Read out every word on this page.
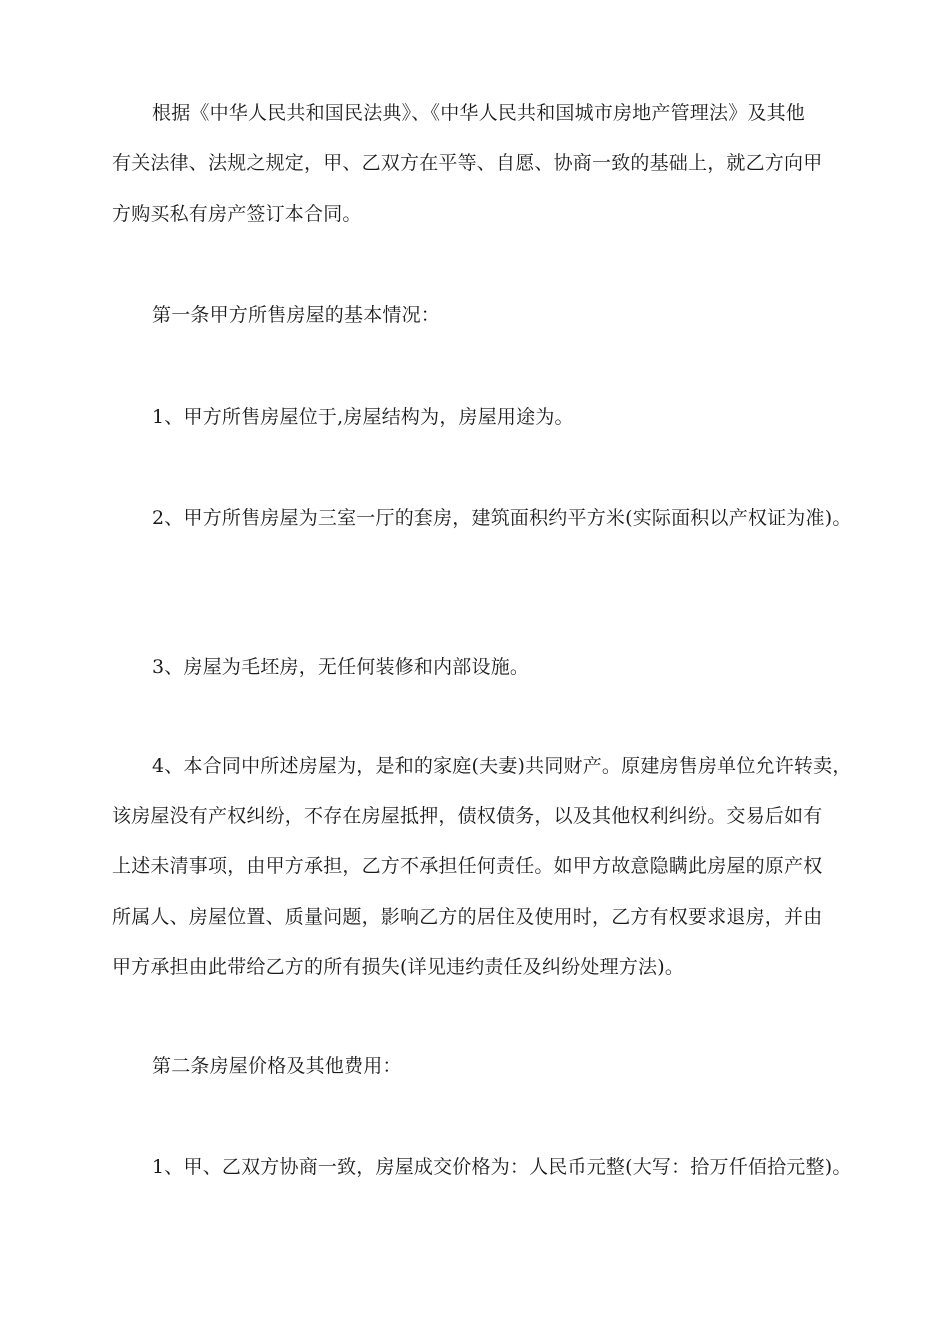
根据《中华人民共和国民法典》、《中华人民共和国城市房地产管理法》及其他
有关法律、法规之规定，甲、乙双方在平等、自愿、协商一致的基础上，就乙方向甲
方购买私有房产签订本合同。
第一条甲方所售房屋的基本情况：
1、甲方所售房屋位于,房屋结构为，房屋用途为。
2、甲方所售房屋为三室一厅的套房，建筑面积约平方米(实际面积以产权证为准)。
3、房屋为毛坯房，无任何装修和内部设施。
4、本合同中所述房屋为，是和的家庭(夫妻)共同财产。原建房售房单位允许转卖，
该房屋没有产权纠纷，不存在房屋抵押，债权债务，以及其他权利纠纷。交易后如有
上述未清事项，由甲方承担，乙方不承担任何责任。如甲方故意隐瞒此房屋的原产权
所属人、房屋位置、质量问题，影响乙方的居住及使用时，乙方有权要求退房，并由
甲方承担由此带给乙方的所有损失(详见违约责任及纠纷处理方法)。
第二条房屋价格及其他费用：
1、甲、乙双方协商一致，房屋成交价格为：人民币元整(大写：拾万仟佰拾元整)。
